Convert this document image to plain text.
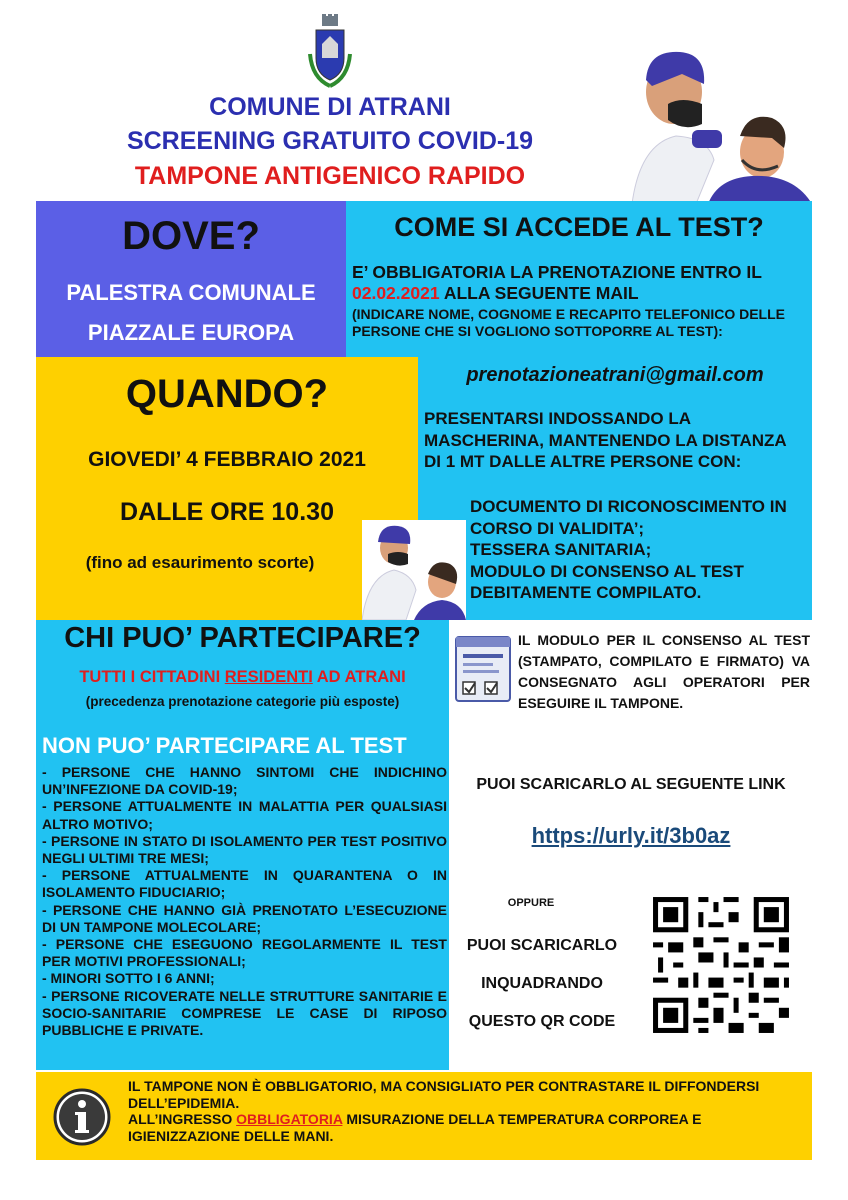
COMUNE DI ATRANI
SCREENING GRATUITO COVID-19
TAMPONE ANTIGENICO RAPIDO
DOVE?
PALESTRA COMUNALE
PIAZZALE EUROPA
COME SI ACCEDE AL TEST?
E’ OBBLIGATORIA LA PRENOTAZIONE ENTRO IL 02.02.2021 ALLA SEGUENTE MAIL
(INDICARE NOME, COGNOME E RECAPITO TELEFONICO DELLE PERSONE CHE SI VOGLIONO SOTTOPORRE AL TEST):
prenotazioneatrani@gmail.com
QUANDO?
GIOVEDI’ 4 FEBBRAIO 2021
DALLE ORE 10.30
(fino ad esaurimento scorte)
PRESENTARSI INDOSSANDO LA MASCHERINA, MANTENENDO LA DISTANZA DI 1 MT DALLE ALTRE PERSONE CON:
DOCUMENTO DI RICONOSCIMENTO IN CORSO DI VALIDITA’;
TESSERA SANITARIA;
MODULO DI CONSENSO AL TEST DEBITAMENTE COMPILATO.
CHI PUO’ PARTECIPARE?
TUTTI I CITTADINI RESIDENTI AD ATRANI
(precedenza prenotazione categorie più esposte)
NON PUO’ PARTECIPARE AL TEST
- PERSONE CHE HANNO SINTOMI CHE INDICHINO UN’INFEZIONE DA COVID-19;
- PERSONE ATTUALMENTE IN MALATTIA PER QUALSIASI ALTRO MOTIVO;
- PERSONE IN STATO DI ISOLAMENTO PER TEST POSITIVO NEGLI ULTIMI TRE MESI;
- PERSONE ATTUALMENTE IN QUARANTENA O IN ISOLAMENTO FIDUCIARIO;
- PERSONE CHE HANNO GIÀ PRENOTATO L’ESECUZIONE DI UN TAMPONE MOLECOLARE;
- PERSONE CHE ESEGUONO REGOLARMENTE IL TEST PER MOTIVI PROFESSIONALI;
- MINORI SOTTO I 6 ANNI;
- PERSONE RICOVERATE NELLE STRUTTURE SANITARIE E SOCIO-SANITARIE COMPRESE LE CASE DI RIPOSO PUBBLICHE E PRIVATE.
IL MODULO PER IL CONSENSO AL TEST (STAMPATO, COMPILATO E FIRMATO) VA CONSEGNATO AGLI OPERATORI PER ESEGUIRE IL TAMPONE.
PUOI SCARICARLO AL SEGUENTE LINK
https://urly.it/3b0az
OPPURE
PUOI SCARICARLO
INQUADRANDO
QUESTO QR CODE
IL TAMPONE NON È OBBLIGATORIO, MA CONSIGLIATO PER CONTRASTARE IL DIFFONDERSI DELL’EPIDEMIA.
ALL’INGRESSO OBBLIGATORIA MISURAZIONE DELLA TEMPERATURA CORPOREA E IGIENIZZAZIONE DELLE MANI.
